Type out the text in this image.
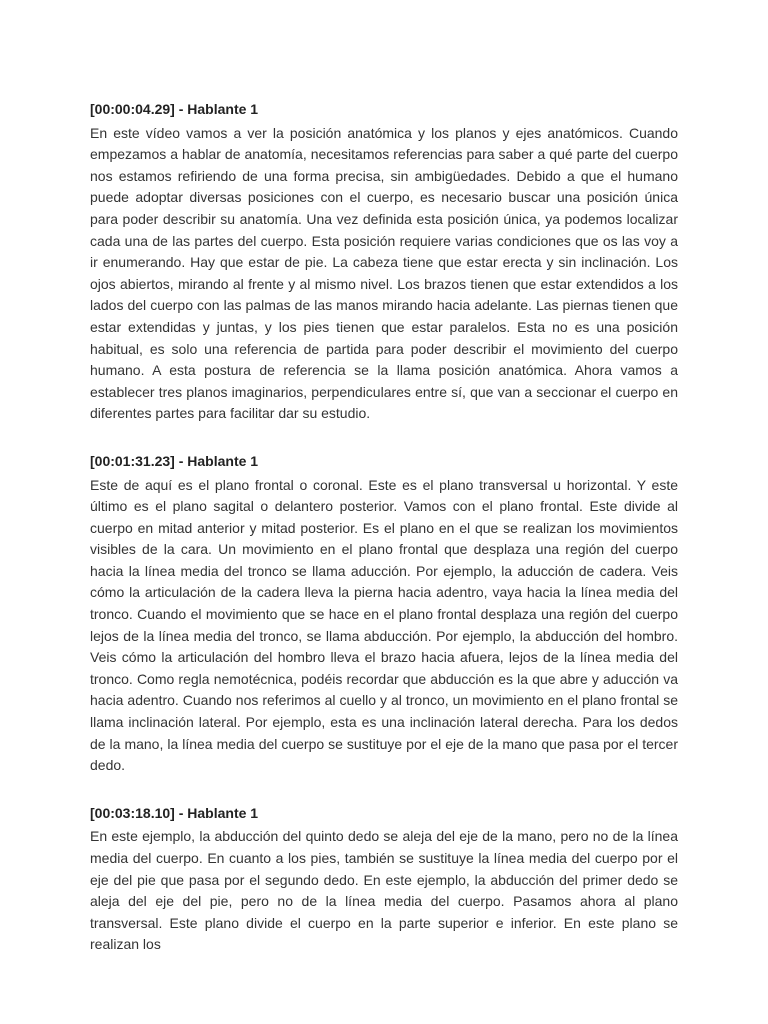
[00:00:04.29] - Hablante 1

En este vídeo vamos a ver la posición anatómica y los planos y ejes anatómicos. Cuando empezamos a hablar de anatomía, necesitamos referencias para saber a qué parte del cuerpo nos estamos refiriendo de una forma precisa, sin ambigüedades. Debido a que el humano puede adoptar diversas posiciones con el cuerpo, es necesario buscar una posición única para poder describir su anatomía. Una vez definida esta posición única, ya podemos localizar cada una de las partes del cuerpo. Esta posición requiere varias condiciones que os las voy a ir enumerando. Hay que estar de pie. La cabeza tiene que estar erecta y sin inclinación. Los ojos abiertos, mirando al frente y al mismo nivel. Los brazos tienen que estar extendidos a los lados del cuerpo con las palmas de las manos mirando hacia adelante. Las piernas tienen que estar extendidas y juntas, y los pies tienen que estar paralelos. Esta no es una posición habitual, es solo una referencia de partida para poder describir el movimiento del cuerpo humano. A esta postura de referencia se la llama posición anatómica. Ahora vamos a establecer tres planos imaginarios, perpendiculares entre sí, que van a seccionar el cuerpo en diferentes partes para facilitar dar su estudio.

[00:01:31.23] - Hablante 1

Este de aquí es el plano frontal o coronal. Este es el plano transversal u horizontal. Y este último es el plano sagital o delantero posterior. Vamos con el plano frontal. Este divide al cuerpo en mitad anterior y mitad posterior. Es el plano en el que se realizan los movimientos visibles de la cara. Un movimiento en el plano frontal que desplaza una región del cuerpo hacia la línea media del tronco se llama aducción. Por ejemplo, la aducción de cadera. Veis cómo la articulación de la cadera lleva la pierna hacia adentro, vaya hacia la línea media del tronco. Cuando el movimiento que se hace en el plano frontal desplaza una región del cuerpo lejos de la línea media del tronco, se llama abducción. Por ejemplo, la abducción del hombro. Veis cómo la articulación del hombro lleva el brazo hacia afuera, lejos de la línea media del tronco. Como regla nemotécnica, podéis recordar que abducción es la que abre y aducción va hacia adentro. Cuando nos referimos al cuello y al tronco, un movimiento en el plano frontal se llama inclinación lateral. Por ejemplo, esta es una inclinación lateral derecha. Para los dedos de la mano, la línea media del cuerpo se sustituye por el eje de la mano que pasa por el tercer dedo.

[00:03:18.10] - Hablante 1

En este ejemplo, la abducción del quinto dedo se aleja del eje de la mano, pero no de la línea media del cuerpo. En cuanto a los pies, también se sustituye la línea media del cuerpo por el eje del pie que pasa por el segundo dedo. En este ejemplo, la abducción del primer dedo se aleja del eje del pie, pero no de la línea media del cuerpo. Pasamos ahora al plano transversal. Este plano divide el cuerpo en la parte superior e inferior. En este plano se realizan los
